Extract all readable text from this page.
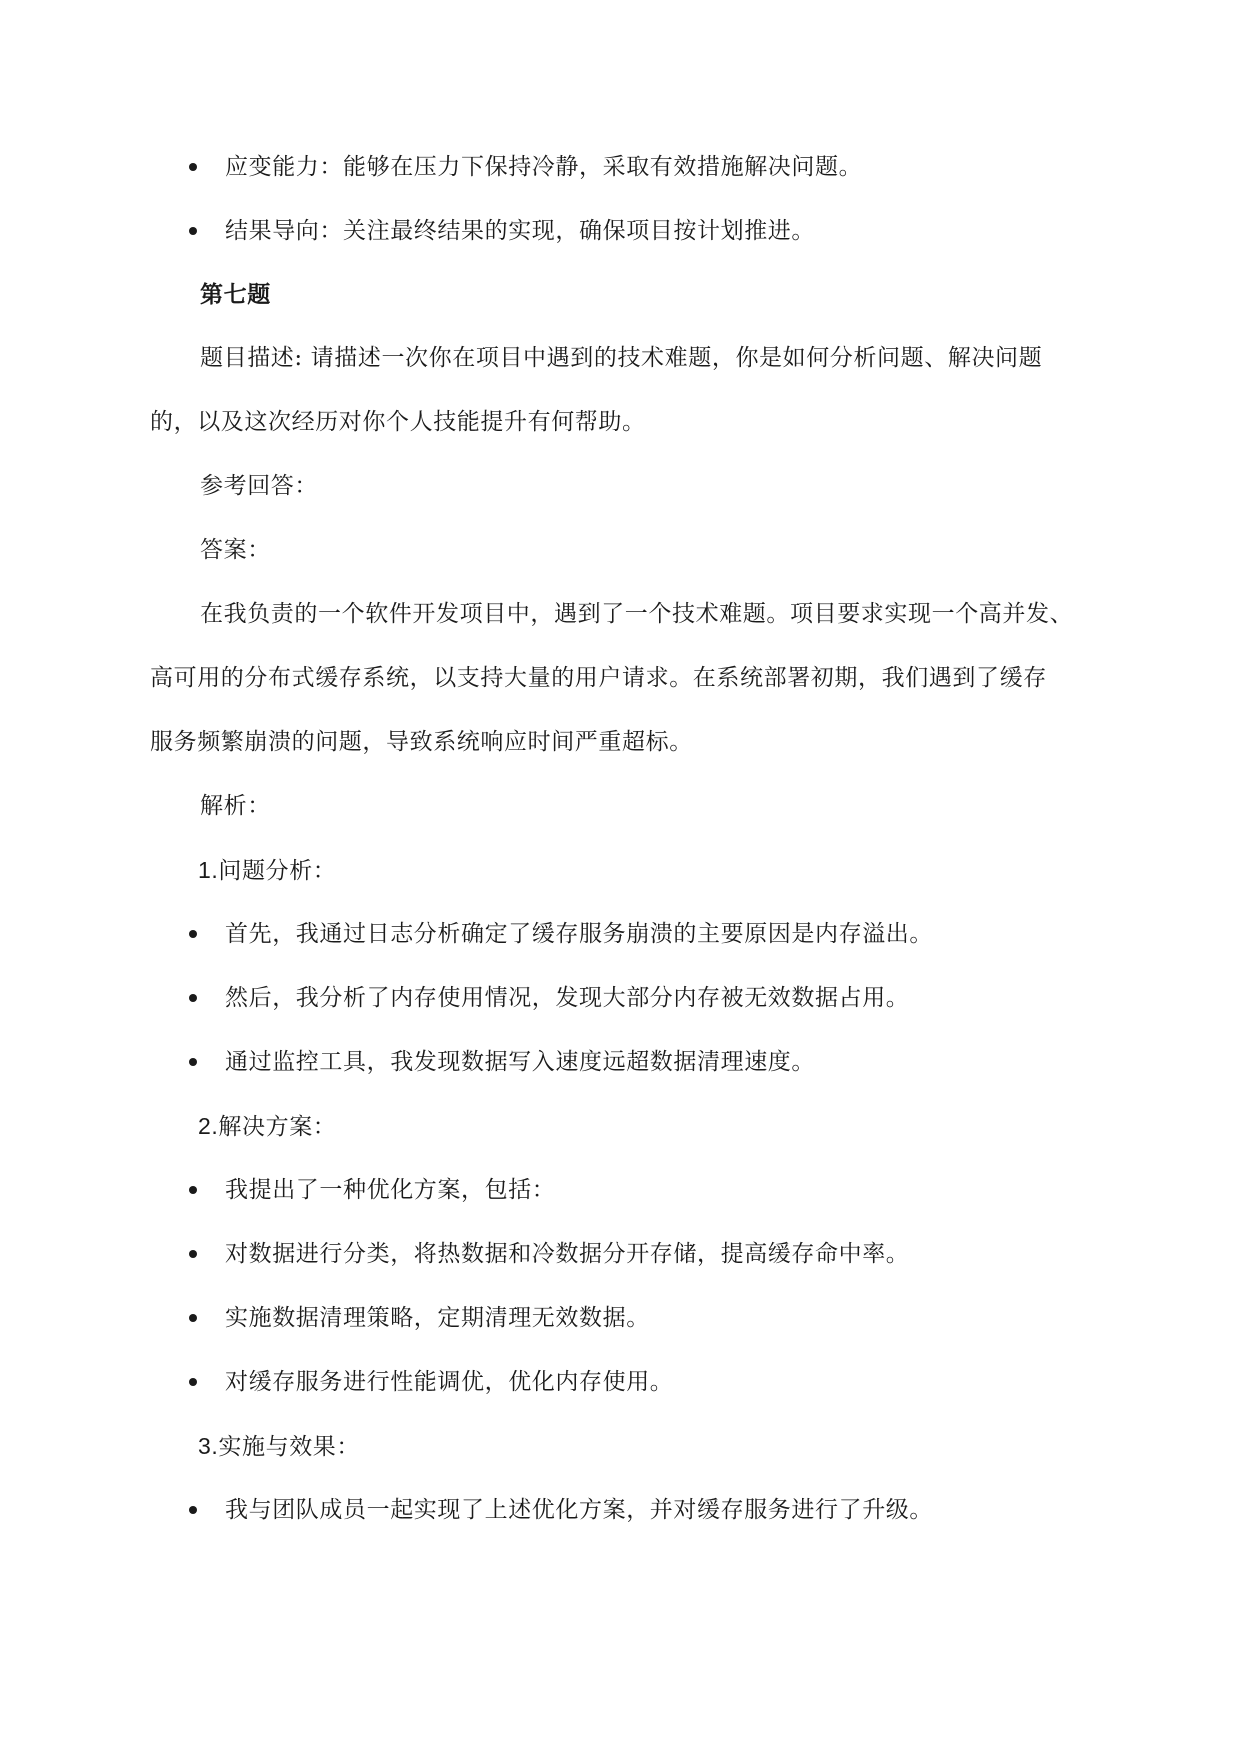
应变能力：能够在压力下保持冷静，采取有效措施解决问题。
结果导向：关注最终结果的实现，确保项目按计划推进。
第七题
题目描述: 请描述一次你在项目中遇到的技术难题，你是如何分析问题、解决问题
的，以及这次经历对你个人技能提升有何帮助。
参考回答：
答案：
在我负责的一个软件开发项目中，遇到了一个技术难题。项目要求实现一个高并发、
高可用的分布式缓存系统，以支持大量的用户请求。在系统部署初期，我们遇到了缓存
服务频繁崩溃的问题，导致系统响应时间严重超标。
解析：
1.问题分析：
首先，我通过日志分析确定了缓存服务崩溃的主要原因是内存溢出。
然后，我分析了内存使用情况，发现大部分内存被无效数据占用。
通过监控工具，我发现数据写入速度远超数据清理速度。
2.解决方案：
我提出了一种优化方案，包括：
对数据进行分类，将热数据和冷数据分开存储，提高缓存命中率。
实施数据清理策略，定期清理无效数据。
对缓存服务进行性能调优，优化内存使用。
3.实施与效果：
我与团队成员一起实现了上述优化方案，并对缓存服务进行了升级。
